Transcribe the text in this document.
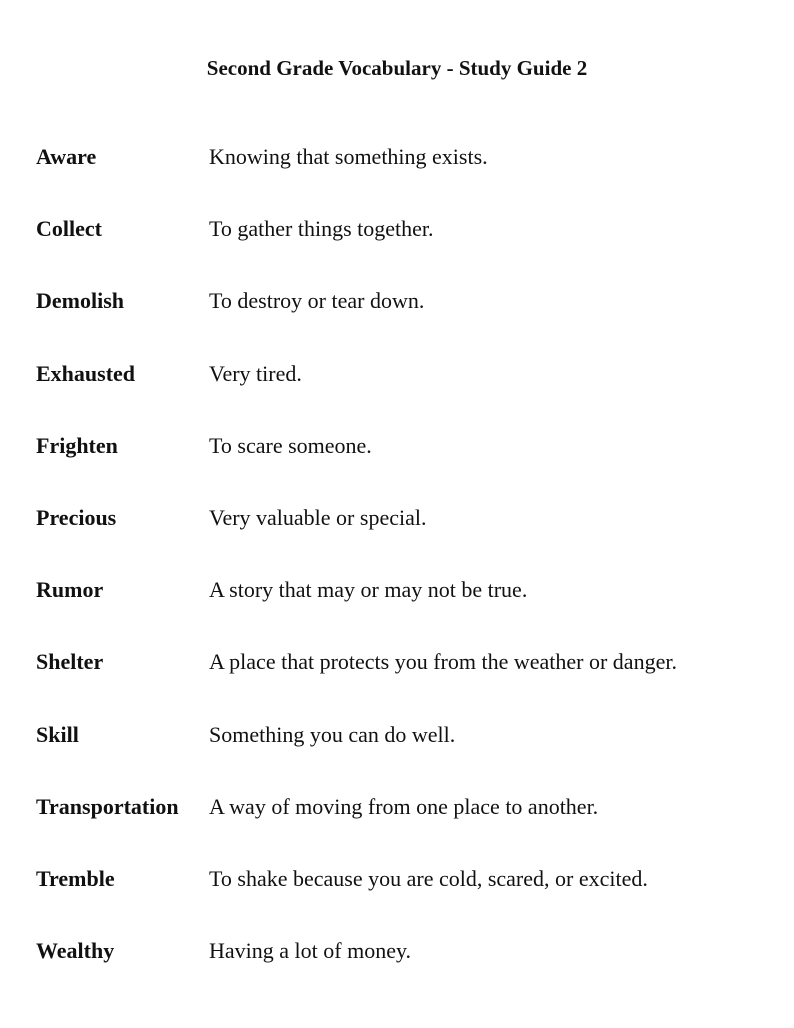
Second Grade Vocabulary - Study Guide 2
Aware	Knowing that something exists.
Collect	To gather things together.
Demolish	To destroy or tear down.
Exhausted	Very tired.
Frighten	To scare someone.
Precious	Very valuable or special.
Rumor	A story that may or may not be true.
Shelter	A place that protects you from the weather or danger.
Skill	Something you can do well.
Transportation A way of moving from one place to another.
Tremble	To shake because you are cold, scared, or excited.
Wealthy	Having a lot of money.
